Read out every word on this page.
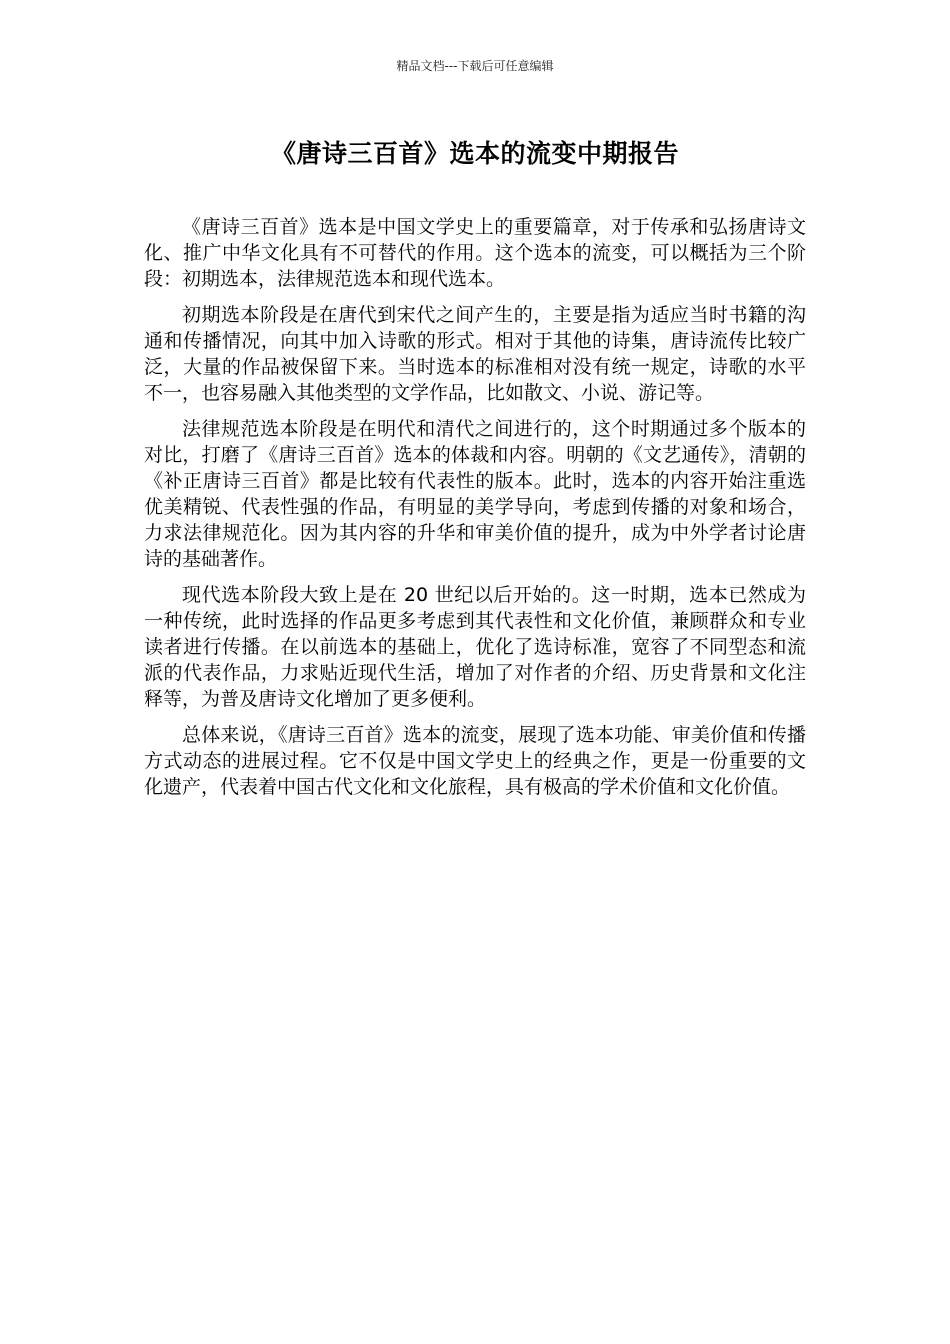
精品文档---下载后可任意编辑
《唐诗三百首》选本的流变中期报告

《唐诗三百首》选本是中国文学史上的重要篇章，对于传承和弘扬唐诗文化、推广中华文化具有不可替代的作用。这个选本的流变，可以概括为三个阶段：初期选本，法律规范选本和现代选本。

初期选本阶段是在唐代到宋代之间产生的，主要是指为适应当时书籍的沟通和传播情况，向其中加入诗歌的形式。相对于其他的诗集，唐诗流传比较广泛，大量的作品被保留下来。当时选本的标准相对没有统一规定，诗歌的水平不一，也容易融入其他类型的文学作品，比如散文、小说、游记等。

法律规范选本阶段是在明代和清代之间进行的，这个时期通过多个版本的对比，打磨了《唐诗三百首》选本的体裁和内容。明朝的《文艺通传》，清朝的《补正唐诗三百首》都是比较有代表性的版本。此时，选本的内容开始注重选优美精锐、代表性强的作品，有明显的美学导向，考虑到传播的对象和场合，力求法律规范化。因为其内容的升华和审美价值的提升，成为中外学者讨论唐诗的基础著作。

现代选本阶段大致上是在 20 世纪以后开始的。这一时期，选本已然成为一种传统，此时选择的作品更多考虑到其代表性和文化价值，兼顾群众和专业读者进行传播。在以前选本的基础上，优化了选诗标准，宽容了不同型态和流派的代表作品，力求贴近现代生活，增加了对作者的介绍、历史背景和文化注释等，为普及唐诗文化增加了更多便利。

总体来说，《唐诗三百首》选本的流变，展现了选本功能、审美价值和传播方式动态的进展过程。它不仅是中国文学史上的经典之作，更是一份重要的文化遗产，代表着中国古代文化和文化旅程，具有极高的学术价值和文化价值。
